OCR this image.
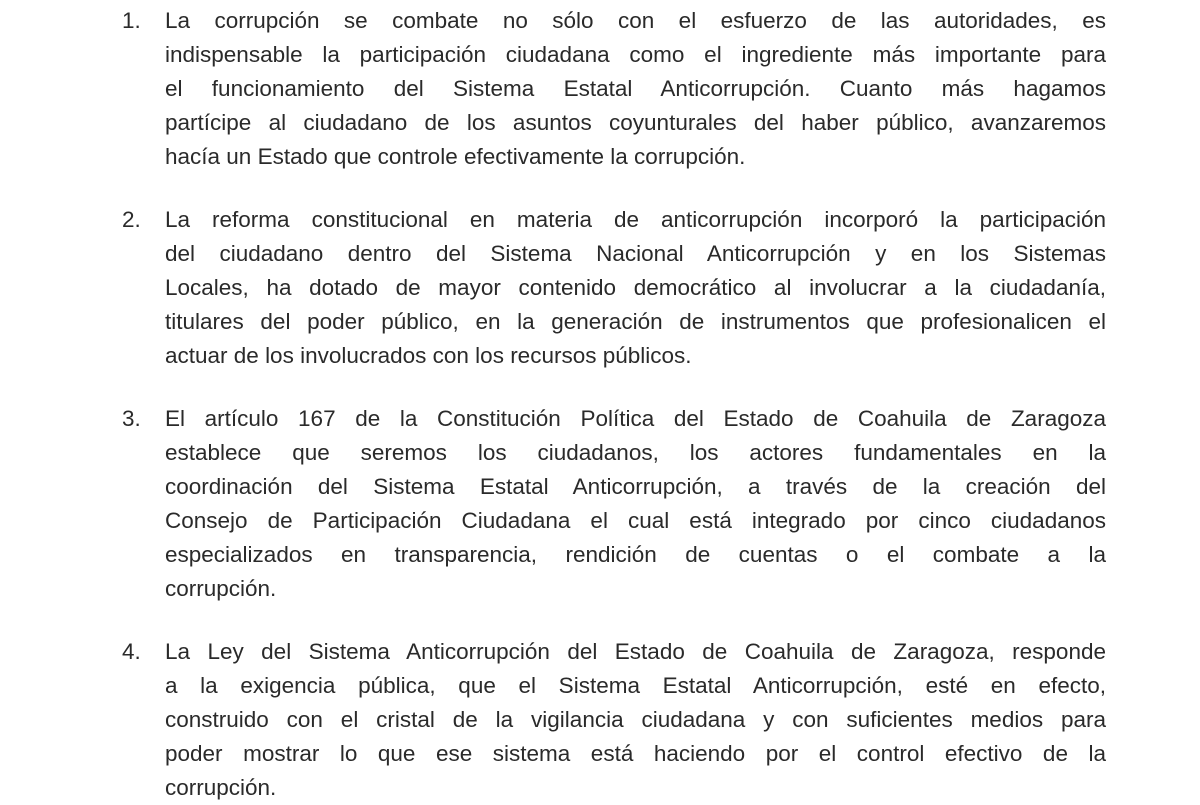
1.	La corrupción se combate no sólo con el esfuerzo de las autoridades, es
indispensable la participación ciudadana como el ingrediente más importante para
el funcionamiento del Sistema Estatal Anticorrupción. Cuanto más hagamos
partícipe al ciudadano de los asuntos coyunturales del haber público, avanzaremos
hacía un Estado que controle efectivamente la corrupción.
2.	La reforma constitucional en materia de anticorrupción incorporó la participación
del ciudadano dentro del Sistema Nacional Anticorrupción y en los Sistemas
Locales, ha dotado de mayor contenido democrático al involucrar a la ciudadanía,
titulares del poder público, en la generación de instrumentos que profesionalicen el
actuar de los involucrados con los recursos públicos.
3.	El artículo 167 de la Constitución Política del Estado de Coahuila de Zaragoza
establece que seremos los ciudadanos, los actores fundamentales en la
coordinación del Sistema Estatal Anticorrupción, a través de la creación del
Consejo de Participación Ciudadana el cual está integrado por cinco ciudadanos
especializados en transparencia, rendición de cuentas o el combate a la
corrupción.
4.	La Ley del Sistema Anticorrupción del Estado de Coahuila de Zaragoza, responde
a la exigencia pública, que el Sistema Estatal Anticorrupción, esté en efecto,
construido con el cristal de la vigilancia ciudadana y con suficientes medios para
poder mostrar lo que ese sistema está haciendo por el control efectivo de la
corrupción.
